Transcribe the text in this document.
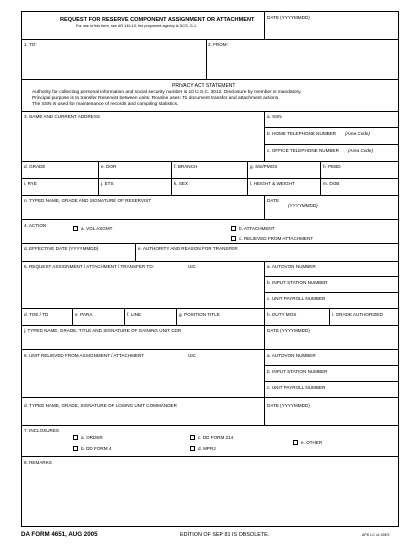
REQUEST FOR RESERVE COMPONENT ASSIGNMENT OR ATTACHMENT
For use of this form, see AR 140-10; the proponent agency is DCS, G-1.
DATE (YYYYMMDD)
1. TO:	2. FROM:
PRIVACY ACT STATEMENT
Authority for collecting personal information and social security number is 10 U.S.C. 3012. Disclosure by member is mandatory.
Principal purpose is to transfer Reservist between units. Routine uses: To document transfer and attachment actions.
The SSN is used for maintenance of records and compiling statistics.
3. NAME AND CURRENT ADDRESS	a. SSN
b. HOME TELEPHONE NUMBER (Area Code)
c. OFFICE TELEPHONE NUMBER (Area Code)
d. GRADE	e. DOR	f. BRANCH	g. SSI/PMOS	h. PEBD
i. RYE	j. ETS	k. SEX	l. HEIGHT & WEIGHT	m. DOB
n. TYPED NAME, GRADE AND SIGNATURE OF RESERVIST	DATE
(YYYYMMDD)
4. ACTION
a. VOL ASGMT	b. ATTACHMENT
c. RELIEVED FROM ATTACHMENT
d. EFFECTIVE DATE (YYYYMMDD)	e. AUTHORITY AND REASON FOR TRANSFER
5. REQUEST ASSIGNMENT / ATTACHMENT / TRANSFER TO:	UIC	a. AUTOVON NUMBER
b. INPUT STATION NUMBER
c. UNIT PAYROLL NUMBER
d. TOE / TD	e. PARA	f. LINE	g. POSITION TITLE	h. DUTY MOS	i. GRADE AUTHORIZED
j. TYPED NAME, GRADE, TITLE AND SIGNATURE OF GAINING UNIT CDR	DATE (YYYYMMDD)
6. UNIT RELIEVED FROM ASSIGNMENT / ATTACHMENT	UIC	a. AUTOVON NUMBER
b. INPUT STATION NUMBER
c. UNIT PAYROLL NUMBER
d. TYPED NAME, GRADE, SIGNATURE OF LOSING UNIT COMMANDER	DATE (YYYYMMDD)
7. INCLOSURES
a. ORDER
b. DD FORM 4
c. DD FORM 214
d. MPRJ
e. OTHER
8. REMARKS
DA FORM 4651, AUG 2005	EDITION OF SEP 81 IS OBSOLETE.	APD LC v1.00ES
